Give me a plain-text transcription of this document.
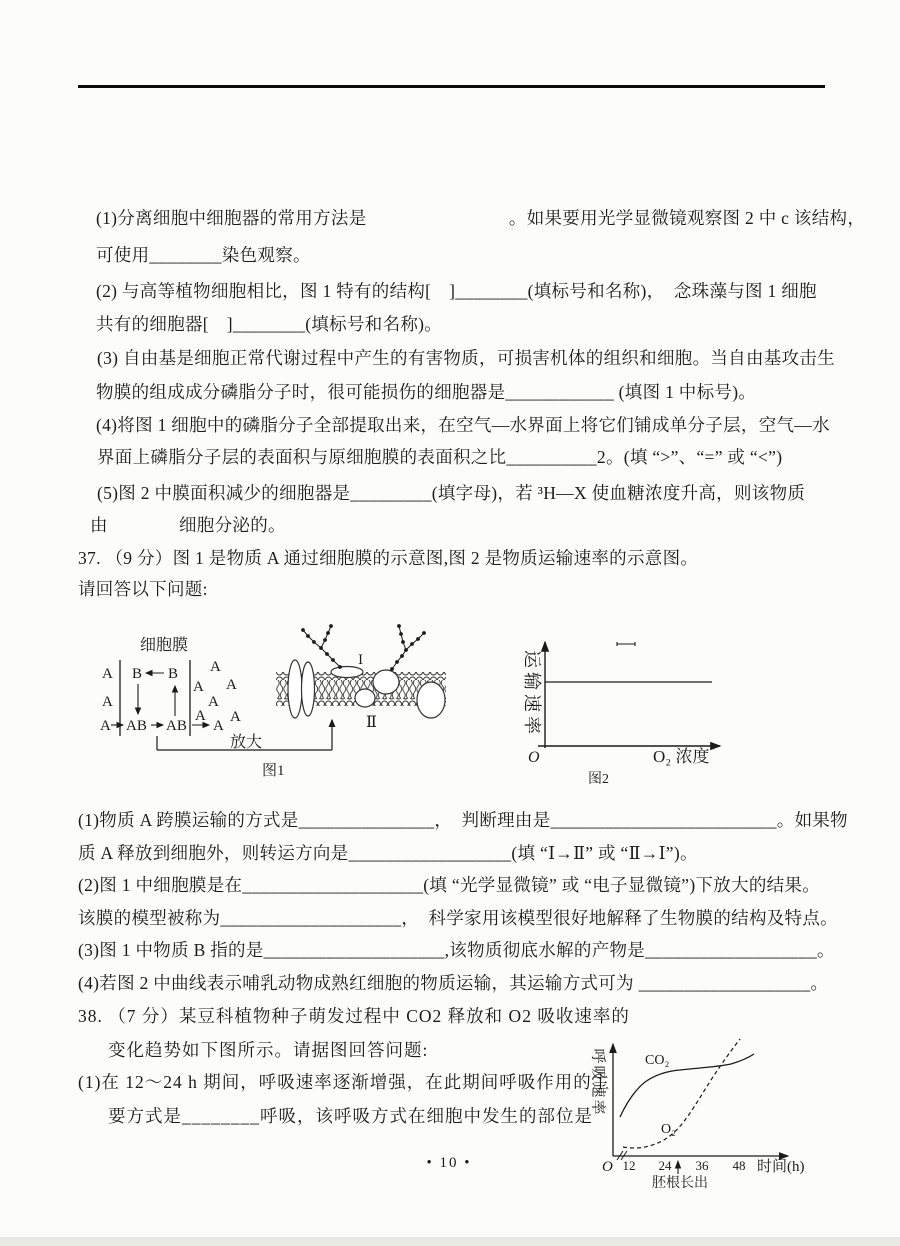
(1)分离细胞中细胞器的常用方法是　　　　　　　　。如果要用光学显微镜观察图 2 中 c 该结构，
可使用________染色观察。
(2) 与高等植物细胞相比，图 1 特有的结构[　]________(填标号和名称)，  念珠藻与图 1 细胞
共有的细胞器[　]________(填标号和名称)。
(3) 自由基是细胞正常代谢过程中产生的有害物质，可损害机体的组织和细胞。当自由基攻击生
物膜的组成成分磷脂分子时，很可能损伤的细胞器是____________ (填图 1 中标号)。
(4)将图 1 细胞中的磷脂分子全部提取出来，在空气—水界面上将它们铺成单分子层，空气—水
界面上磷脂分子层的表面积与原细胞膜的表面积之比__________2。(填 “>”、“=” 或 “<”)
(5)图 2 中膜面积减少的细胞器是_________(填字母)，若 ³H—X 使血糖浓度升高，则该物质
由　　　　细胞分泌的。
37. （9 分）图 1 是物质 A 通过细胞膜的示意图,图 2 是物质运输速率的示意图。
请回答以下问题:
(1)物质 A 跨膜运输的方式是_______________，  判断理由是_________________________。如果物
质 A 释放到细胞外，则转运方向是__________________(填 “Ⅰ→Ⅱ” 或 “Ⅱ→Ⅰ”)。
(2)图 1 中细胞膜是在____________________(填 “光学显微镜” 或 “电子显微镜”)下放大的结果。
该膜的模型被称为____________________，  科学家用该模型很好地解释了生物膜的结构及特点。
(3)图 1 中物质 B 指的是____________________,该物质彻底水解的产物是___________________。
(4)若图 2 中曲线表示哺乳动物成熟红细胞的物质运输，其运输方式可为 ___________________。
38. （7 分）某豆科植物种子萌发过程中 CO2 释放和 O2 吸收速率的
变化趋势如下图所示。请据图回答问题:
(1)在 12～24 h 期间，呼吸速率逐渐增强，在此期间呼吸作用的主
要方式是________呼吸，该呼吸方式在细胞中发生的部位是
细胞膜
A
A
A
B B
AB AB A
A
A A
A
A A
放大
图1
Ⅰ
Ⅱ	运输速率
O	O₂ 浓度
图2
呼吸速率	CO₂
O₂
O 12 24 36 48 时间(h)
胚根长出
• 10 •
